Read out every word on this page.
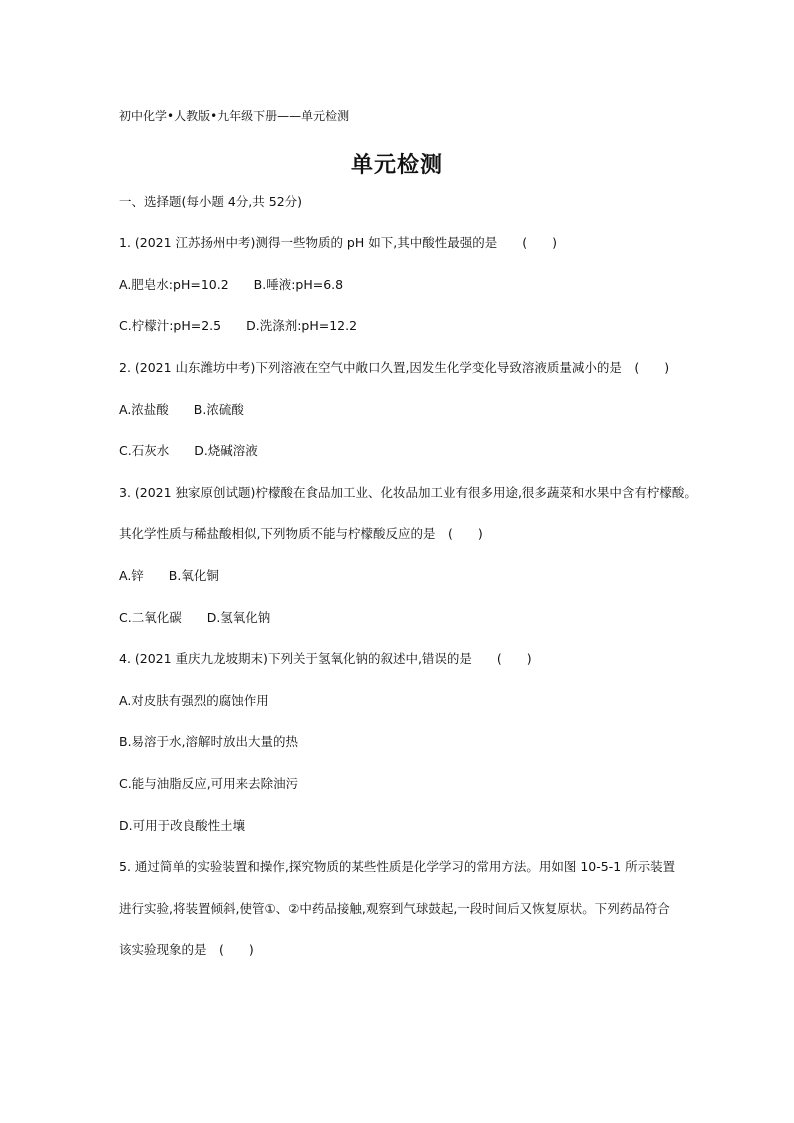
初中化学•人教版•九年级下册——单元检测
单元检测
一、选择题(每小题 4分,共 52分)
1. (2021 江苏扬州中考)测得一些物质的 pH 如下,其中酸性最强的是　　(　　)
A.肥皂水:pH=10.2　　B.唾液:pH=6.8
C.柠檬汁:pH=2.5　　D.洗涤剂:pH=12.2
2. (2021 山东潍坊中考)下列溶液在空气中敞口久置,因发生化学变化导致溶液质量减小的是　(　　)
A.浓盐酸　　B.浓硫酸
C.石灰水　　D.烧碱溶液
3. (2021 独家原创试题)柠檬酸在食品加工业、化妆品加工业有很多用途,很多蔬菜和水果中含有柠檬酸。
其化学性质与稀盐酸相似,下列物质不能与柠檬酸反应的是　(　　)
A.锌　　B.氧化铜
C.二氧化碳　　D.氢氧化钠
4. (2021 重庆九龙坡期末)下列关于氢氧化钠的叙述中,错误的是　　(　　)
A.对皮肤有强烈的腐蚀作用
B.易溶于水,溶解时放出大量的热
C.能与油脂反应,可用来去除油污
D.可用于改良酸性土壤
5. 通过简单的实验装置和操作,探究物质的某些性质是化学学习的常用方法。用如图 10-5-1 所示装置
进行实验,将装置倾斜,使管①、②中药品接触,观察到气球鼓起,一段时间后又恢复原状。下列药品符合
该实验现象的是　(　　)
